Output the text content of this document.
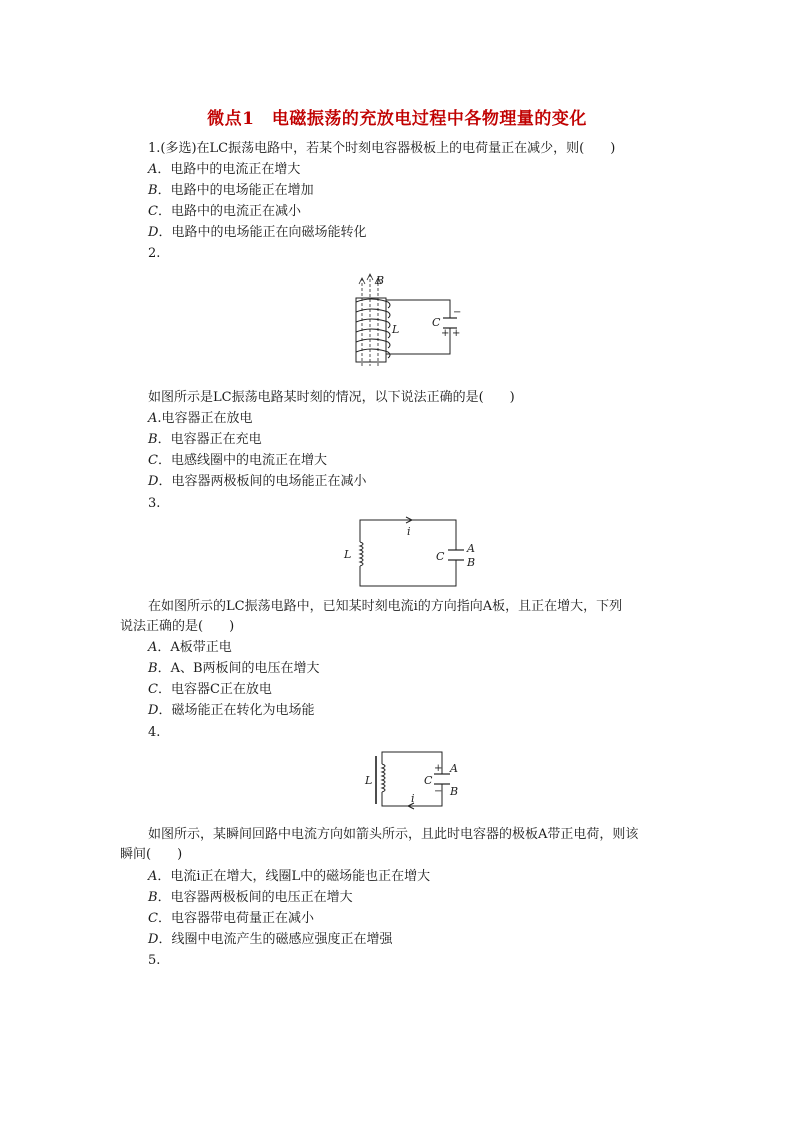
微点1　电磁振荡的充放电过程中各物理量的变化
1.(多选)在LC振荡电路中，若某个时刻电容器极板上的电荷量正在减少，则(　　)
A．电路中的电流正在增大
B．电路中的电场能正在增加
C．电路中的电流正在减小
D．电路中的电场能正在向磁场能转化
2.
B
L
C
−
+ +
如图所示是LC振荡电路某时刻的情况，以下说法正确的是(　　)
A.电容器正在放电
B．电容器正在充电
C．电感线圈中的电流正在增大
D．电容器两极板间的电场能正在减小
3.
L
i
C
A
B
在如图所示的LC振荡电路中，已知某时刻电流i的方向指向A板，且正在增大，下列
说法正确的是(　　)
A．A板带正电
B．A、B两板间的电压在增大
C．电容器C正在放电
D．磁场能正在转化为电场能
4.
L	C
+
−
A
B
i
如图所示，某瞬间回路中电流方向如箭头所示，且此时电容器的极板A带正电荷，则该
瞬间(　　)
A．电流i正在增大，线圈L中的磁场能也正在增大
B．电容器两极板间的电压正在增大
C．电容器带电荷量正在减小
D．线圈中电流产生的磁感应强度正在增强
5.
